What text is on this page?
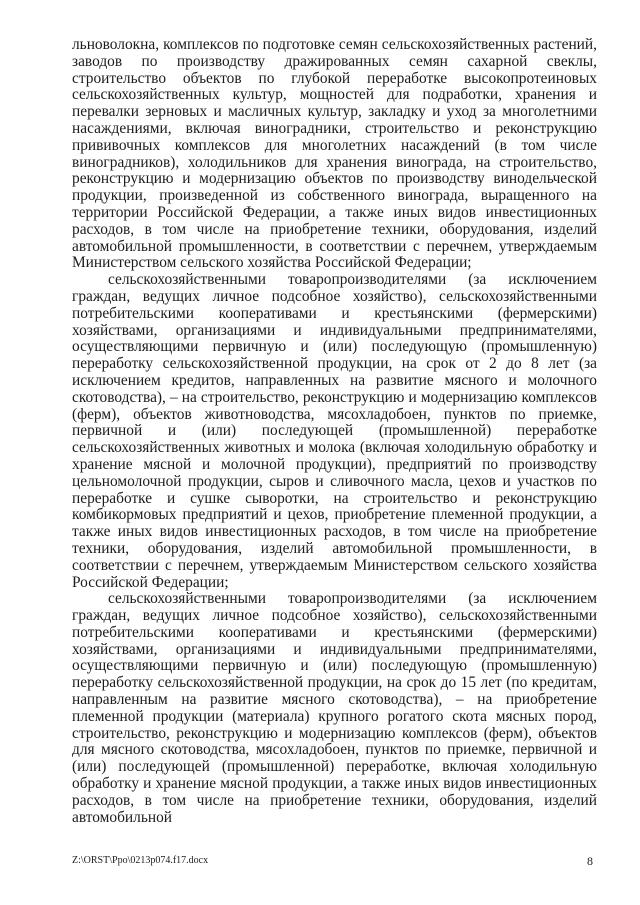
льноволокна, комплексов по подготовке семян сельскохозяйственных растений, заводов по производству дражированных семян сахарной свеклы, строительство объектов по глубокой переработке высокопротеиновых сельскохозяйственных культур, мощностей для подработки, хранения и перевалки зерновых и масличных культур, закладку и уход за многолетними насаждениями, включая виноградники, строительство и реконструкцию прививочных комплексов для многолетних насаждений (в том числе виноградников), холодильников для хранения винограда, на строительство, реконструкцию и модернизацию объектов по производству винодельческой продукции, произведенной из собственного винограда, выращенного на территории Российской Федерации, а также иных видов инвестиционных расходов, в том числе на приобретение техники, оборудования, изделий автомобильной промышленности, в соответствии с перечнем, утверждаемым Министерством сельского хозяйства Российской Федерации;

сельскохозяйственными товаропроизводителями (за исключением граждан, ведущих личное подсобное хозяйство), сельскохозяйственными потребительскими кооперативами и крестьянскими (фермерскими) хозяйствами, организациями и индивидуальными предпринимателями, осуществляющими первичную и (или) последующую (промышленную) переработку сельскохозяйственной продукции, на срок от 2 до 8 лет (за исключением кредитов, направленных на развитие мясного и молочного скотоводства), – на строительство, реконструкцию и модернизацию комплексов (ферм), объектов животноводства, мясохладобоен, пунктов по приемке, первичной и (или) последующей (промышленной) переработке сельскохозяйственных животных и молока (включая холодильную обработку и хранение мясной и молочной продукции), предприятий по производству цельномолочной продукции, сыров и сливочного масла, цехов и участков по переработке и сушке сыворотки, на строительство и реконструкцию комбикормовых предприятий и цехов, приобретение племенной продукции, а также иных видов инвестиционных расходов, в том числе на приобретение техники, оборудования, изделий автомобильной промышленности, в соответствии с перечнем, утверждаемым Министерством сельского хозяйства Российской Федерации;

сельскохозяйственными товаропроизводителями (за исключением граждан, ведущих личное подсобное хозяйство), сельскохозяйственными потребительскими кооперативами и крестьянскими (фермерскими) хозяйствами, организациями и индивидуальными предпринимателями, осуществляющими первичную и (или) последующую (промышленную) переработку сельскохозяйственной продукции, на срок до 15 лет (по кредитам, направленным на развитие мясного скотоводства), – на приобретение племенной продукции (материала) крупного рогатого скота мясных пород, строительство, реконструкцию и модернизацию комплексов (ферм), объектов для мясного скотоводства, мясохладобоен, пунктов по приемке, первичной и (или) последующей (промышленной) переработке, включая холодильную обработку и хранение мясной продукции, а также иных видов инвестиционных расходов, в том числе на приобретение техники, оборудования, изделий автомобильной

Z:\ORST\Ppo\0213p074.f17.docx	8
